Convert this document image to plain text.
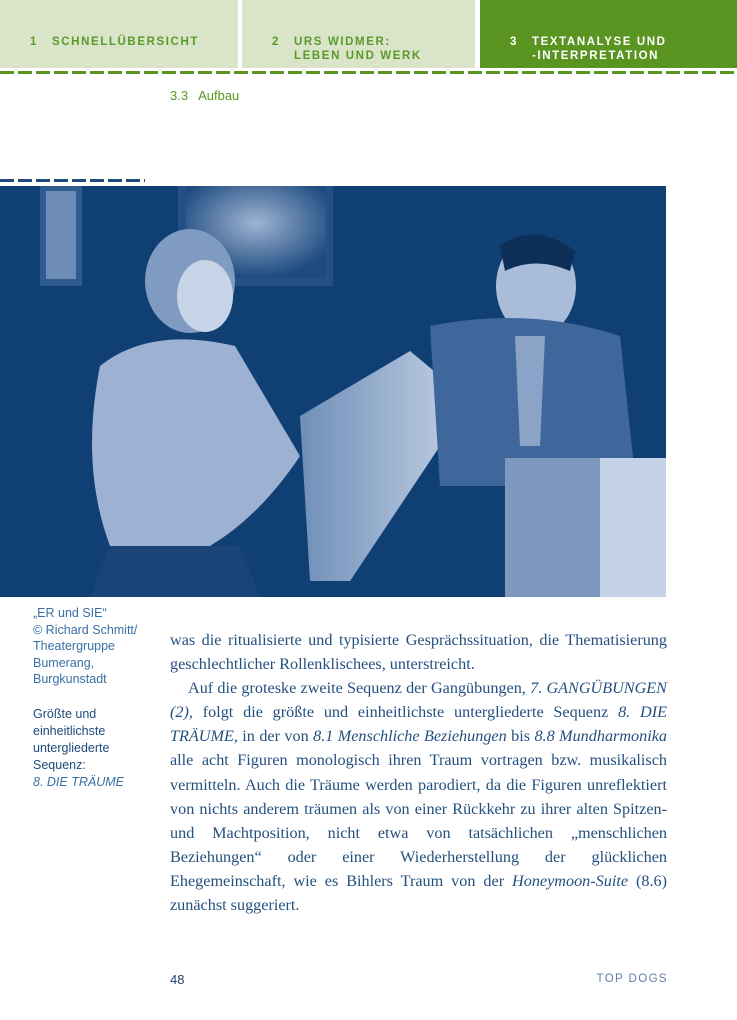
1 SCHNELLÜBERSICHT	2 URS WIDMER:
LEBEN UND WERK
3 TEXTANALYSE UND
-INTERPRETATION
3.3 Aufbau
„ER und SIE“
© Richard Schmitt/
Theatergruppe
Bumerang,
Burgkunstadt
Größte und
einheitlichste
untergliederte
Sequenz:
8. DIE TRÄUME

was die ritualisierte und typisierte Gesprächssituation, die Thematisierung geschlechtlicher Rollenklischees, unterstreicht.

Auf die groteske zweite Sequenz der Gangübungen, 7. GANGÜBUNGEN (2), folgt die größte und einheitlichste untergliederte Sequenz 8. DIE TRÄUME, in der von 8.1 Menschliche Beziehungen bis 8.8 Mundharmonika alle acht Figuren monologisch ihren Traum vortragen bzw. musikalisch vermitteln. Auch die Träume werden parodiert, da die Figuren unreflektiert von nichts anderem träumen als von einer Rückkehr zu ihrer alten Spitzen- und Machtposition, nicht etwa von tatsächlichen „menschlichen Beziehungen“ oder einer Wiederherstellung der glücklichen Ehegemeinschaft, wie es Bihlers Traum von der Honeymoon-Suite (8.6) zunächst suggeriert.

48	TOP DOGS
